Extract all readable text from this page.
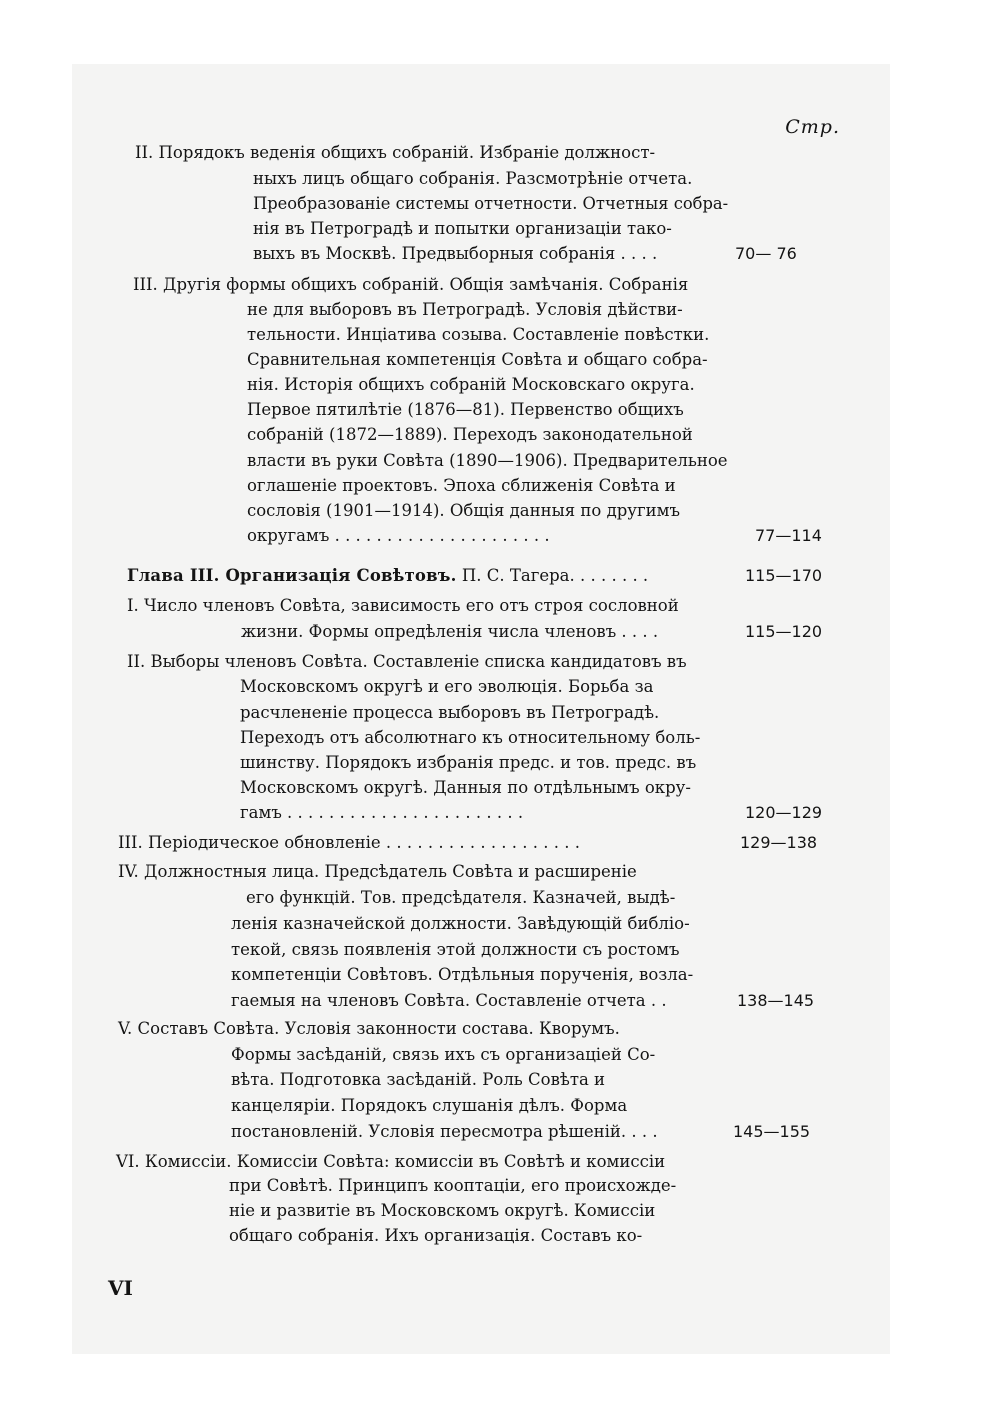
Стр.
II. Порядокъ веденія общихъ собраній. Избраніе должност-
ныхъ лицъ общаго собранія. Разсмотрѣніе отчета.
Преобразованіе системы отчетности. Отчетныя собра-
нія въ Петроградѣ и попытки организаціи тако-
выхъ въ Москвѣ. Предвыборныя собранія . . . .	70— 76
III. Другія формы общихъ собраній. Общія замѣчанія. Собранія
не для выборовъ въ Петроградѣ. Условія дѣйстви-
тельности. Инціатива созыва. Составленіе повѣстки.
Сравнительная компетенція Совѣта и общаго собра-
нія. Исторія общихъ собраній Московскаго округа.
Первое пятилѣтіе (1876—81). Первенство общихъ
собраній (1872—1889). Переходъ законодательной
власти въ руки Совѣта (1890—1906). Предварительное
оглашеніе проектовъ. Эпоха сближенія Совѣта и
сословія (1901—1914). Общія данныя по другимъ
округамъ . . . . . . . . . . . . . . . . . . . . .	77—114
Глава III. Организація Совѣтовъ. П. С. Тагера. . . . . . . .	115—170
I. Число членовъ Совѣта, зависимость его отъ строя сословной
жизни. Формы опредѣленія числа членовъ . . . .	115—120
II. Выборы членовъ Совѣта. Составленіе списка кандидатовъ въ
Московскомъ округѣ и его эволюція. Борьба за
расчлененіе процесса выборовъ въ Петроградѣ.
Переходъ отъ абсолютнаго къ относительному боль-
шинству. Порядокъ избранія предс. и тов. предс. въ
Московскомъ округѣ. Данныя по отдѣльнымъ окру-
гамъ . . . . . . . . . . . . . . . . . . . . . . .	120—129
III. Періодическое обновленіе . . . . . . . . . . . . . . . . . . .	129—138
IV. Должностныя лица. Предсѣдатель Совѣта и расширеніе
его функцій. Тов. предсѣдателя. Казначей, выдѣ-
ленія казначейской должности. Завѣдующій библіо-
текой, связь появленія этой должности съ ростомъ
компетенціи Совѣтовъ. Отдѣльныя порученія, возла-
гаемыя на членовъ Совѣта. Составленіе отчета . .	138—145
V. Составъ Совѣта. Условія законности состава. Кворумъ.
Формы засѣданій, связь ихъ съ организаціей Со-
вѣта. Подготовка засѣданій. Роль Совѣта и
канцеляріи. Порядокъ слушанія дѣлъ. Форма
постановленій. Условія пересмотра рѣшеній. . . .	145—155
VI. Комиссіи. Комиссіи Совѣта: комиссіи въ Совѣтѣ и комиссіи
при Совѣтѣ. Принципъ кооптаціи, его происхожде-
ніе и развитіе въ Московскомъ округѣ. Комиссіи
общаго собранія. Ихъ организація. Составъ ко-
VI
